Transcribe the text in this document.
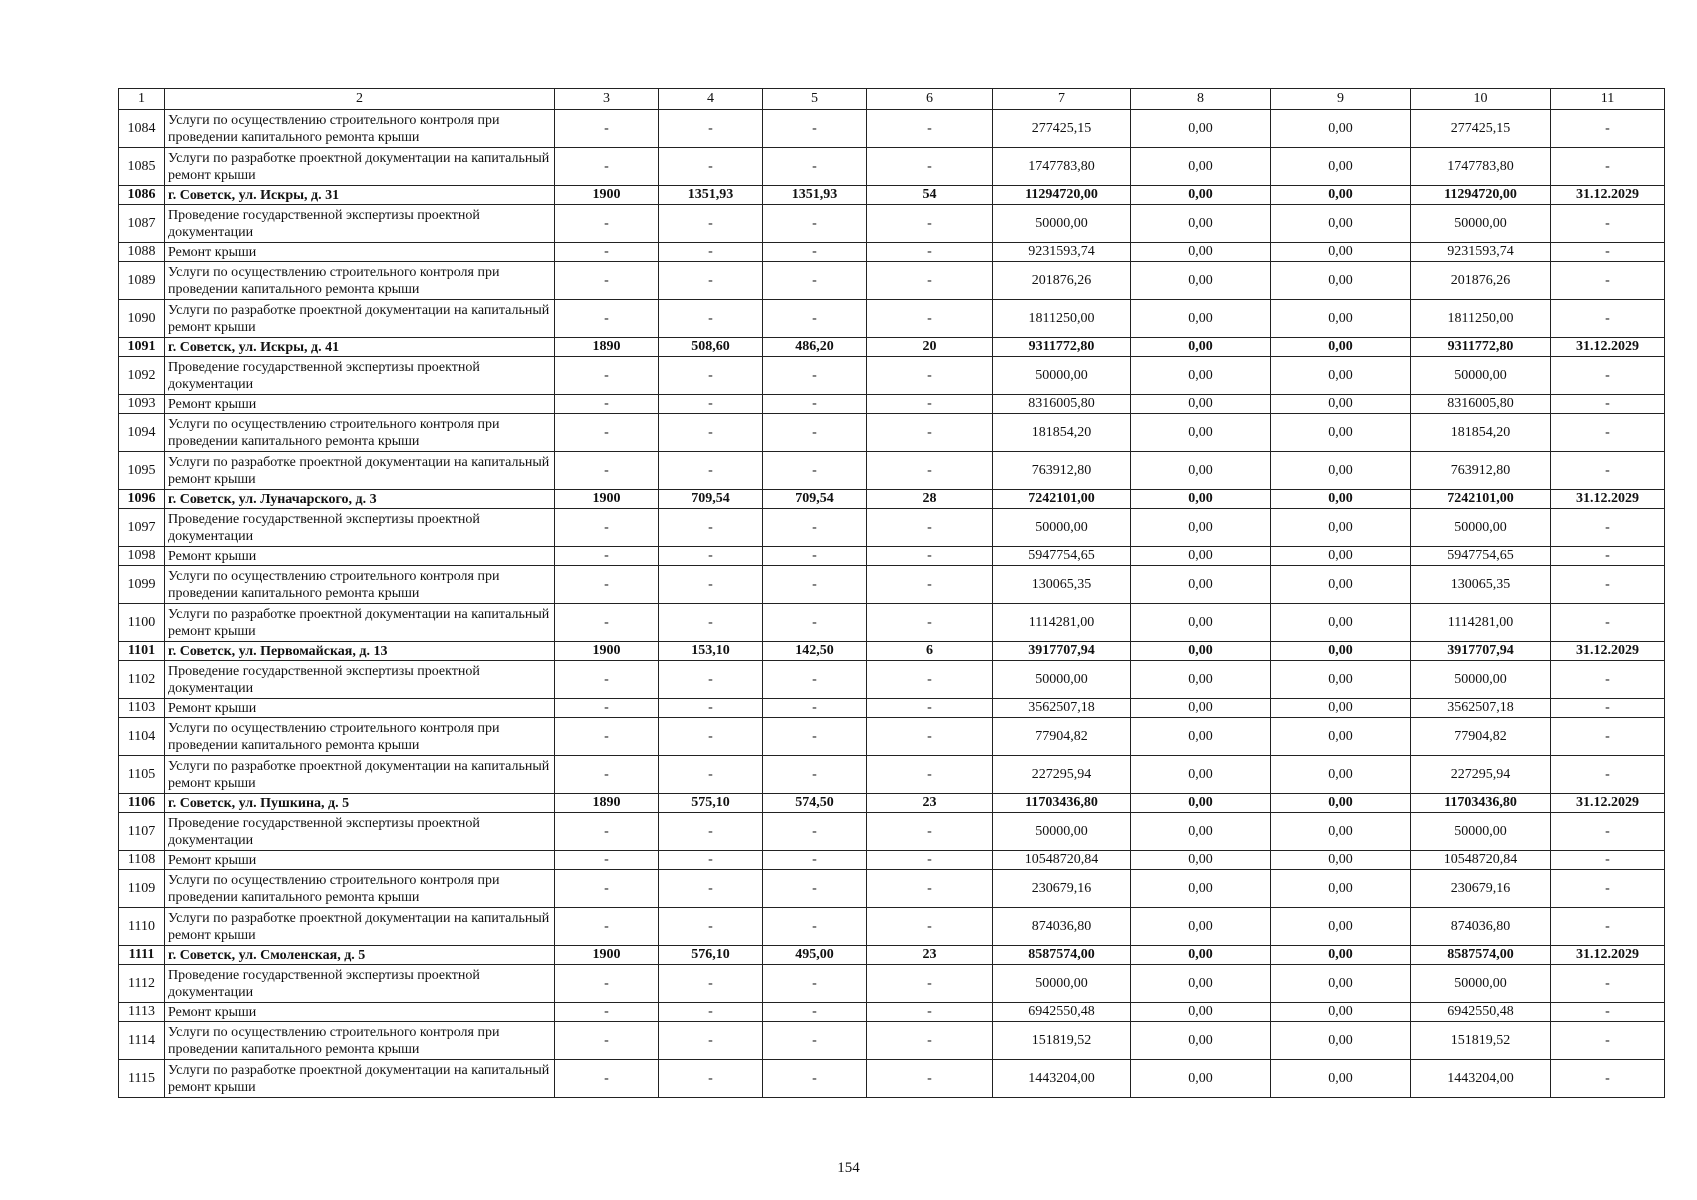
1	2	3	4	5	6	7	8	9	10	11
1084	Услуги по осуществлению строительного контроля при проведении капитального ремонта крыши	-	-	-	-	277425,15	0,00	0,00	277425,15	-
1085	Услуги по разработке проектной документации на капитальный ремонт крыши	-	-	-	-	1747783,80	0,00	0,00	1747783,80	-
1086	г. Советск, ул. Искры, д. 31	1900	1351,93	1351,93	54	11294720,00	0,00	0,00	11294720,00	31.12.2029
1087	Проведение государственной экспертизы проектной документации	-	-	-	-	50000,00	0,00	0,00	50000,00	-
1088	Ремонт крыши	-	-	-	-	9231593,74	0,00	0,00	9231593,74	-
1089	Услуги по осуществлению строительного контроля при проведении капитального ремонта крыши	-	-	-	-	201876,26	0,00	0,00	201876,26	-
1090	Услуги по разработке проектной документации на капитальный ремонт крыши	-	-	-	-	1811250,00	0,00	0,00	1811250,00	-
1091	г. Советск, ул. Искры, д. 41	1890	508,60	486,20	20	9311772,80	0,00	0,00	9311772,80	31.12.2029
1092	Проведение государственной экспертизы проектной документации	-	-	-	-	50000,00	0,00	0,00	50000,00	-
1093	Ремонт крыши	-	-	-	-	8316005,80	0,00	0,00	8316005,80	-
1094	Услуги по осуществлению строительного контроля при проведении капитального ремонта крыши	-	-	-	-	181854,20	0,00	0,00	181854,20	-
1095	Услуги по разработке проектной документации на капитальный ремонт крыши	-	-	-	-	763912,80	0,00	0,00	763912,80	-
1096	г. Советск, ул. Луначарского, д. 3	1900	709,54	709,54	28	7242101,00	0,00	0,00	7242101,00	31.12.2029
1097	Проведение государственной экспертизы проектной документации	-	-	-	-	50000,00	0,00	0,00	50000,00	-
1098	Ремонт крыши	-	-	-	-	5947754,65	0,00	0,00	5947754,65	-
1099	Услуги по осуществлению строительного контроля при проведении капитального ремонта крыши	-	-	-	-	130065,35	0,00	0,00	130065,35	-
1100	Услуги по разработке проектной документации на капитальный ремонт крыши	-	-	-	-	1114281,00	0,00	0,00	1114281,00	-
1101	г. Советск, ул. Первомайская, д. 13	1900	153,10	142,50	6	3917707,94	0,00	0,00	3917707,94	31.12.2029
1102	Проведение государственной экспертизы проектной документации	-	-	-	-	50000,00	0,00	0,00	50000,00	-
1103	Ремонт крыши	-	-	-	-	3562507,18	0,00	0,00	3562507,18	-
1104	Услуги по осуществлению строительного контроля при проведении капитального ремонта крыши	-	-	-	-	77904,82	0,00	0,00	77904,82	-
1105	Услуги по разработке проектной документации на капитальный ремонт крыши	-	-	-	-	227295,94	0,00	0,00	227295,94	-
1106	г. Советск, ул. Пушкина, д. 5	1890	575,10	574,50	23	11703436,80	0,00	0,00	11703436,80	31.12.2029
1107	Проведение государственной экспертизы проектной документации	-	-	-	-	50000,00	0,00	0,00	50000,00	-
1108	Ремонт крыши	-	-	-	-	10548720,84	0,00	0,00	10548720,84	-
1109	Услуги по осуществлению строительного контроля при проведении капитального ремонта крыши	-	-	-	-	230679,16	0,00	0,00	230679,16	-
1110	Услуги по разработке проектной документации на капитальный ремонт крыши	-	-	-	-	874036,80	0,00	0,00	874036,80	-
1111	г. Советск, ул. Смоленская, д. 5	1900	576,10	495,00	23	8587574,00	0,00	0,00	8587574,00	31.12.2029
1112	Проведение государственной экспертизы проектной документации	-	-	-	-	50000,00	0,00	0,00	50000,00	-
1113	Ремонт крыши	-	-	-	-	6942550,48	0,00	0,00	6942550,48	-
1114	Услуги по осуществлению строительного контроля при проведении капитального ремонта крыши	-	-	-	-	151819,52	0,00	0,00	151819,52	-
1115	Услуги по разработке проектной документации на капитальный ремонт крыши	-	-	-	-	1443204,00	0,00	0,00	1443204,00	-
154
